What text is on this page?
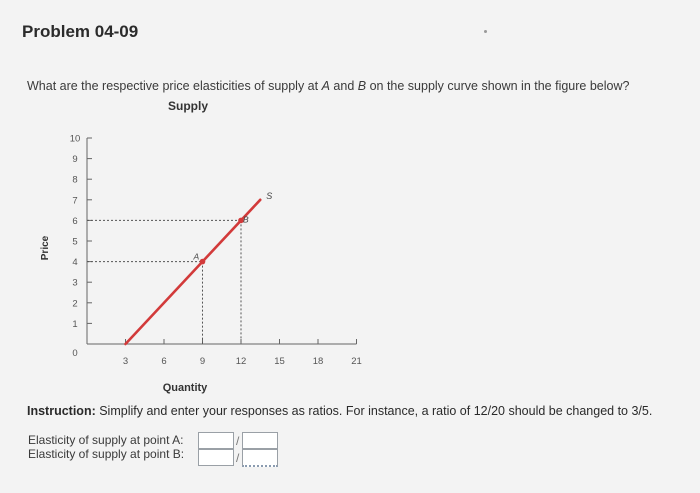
Problem 04-09
What are the respective price elasticities of supply at A and B on the supply curve shown in the figure below?
Supply
0
1
2
3
4
5
6
7
8
9
10
3	6	9	12	15	18	21
Quantity
Price
S
A
B
Instruction: Simplify and enter your responses as ratios. For instance, a ratio of 12/20 should be changed to 3/5.
Elasticity of supply at point A:	/
Elasticity of supply at point B:	/
